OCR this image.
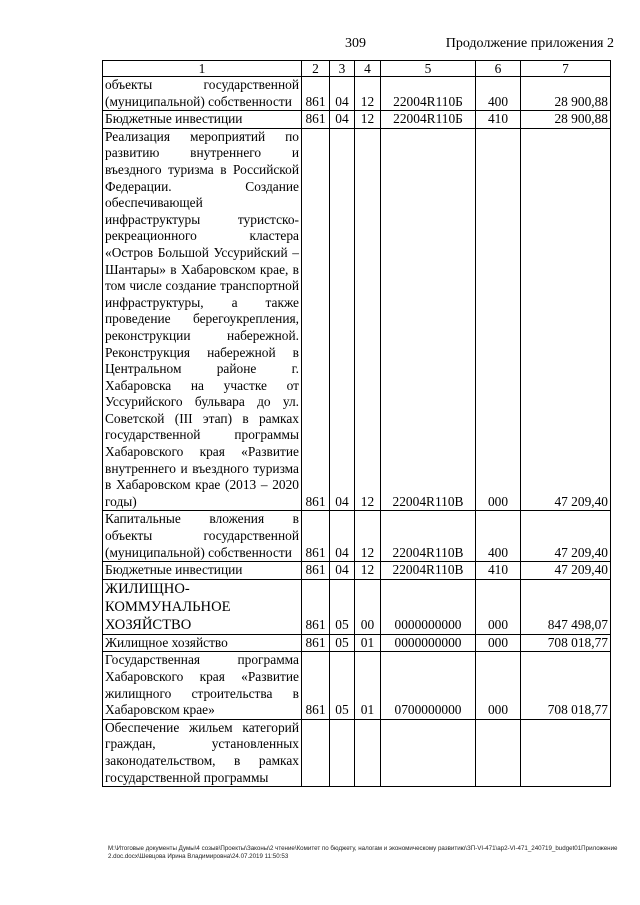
309	Продолжение приложения 2
1	2	3	4	5	6	7
объекты государственной (муниципальной) собственности	861	04	12	22004R110Б	400	28 900,88
Бюджетные инвестиции	861	04	12	22004R110Б	410	28 900,88
Реализация мероприятий по развитию внутреннего и въездного туризма в Российской Федерации. Создание обеспечивающей инфраструктуры туристско-рекреационного кластера «Остров Большой Уссурийский – Шантары» в Хабаровском крае, в том числе создание транспортной инфраструктуры, а также проведение берегоукрепления, реконструкции набережной. Реконструкция набережной в Центральном районе г. Хабаровска на участке от Уссурийского бульвара до ул. Советской (III этап) в рамках государственной программы Хабаровского края «Развитие внутреннего и въездного туризма в Хабаровском крае (2013 – 2020 годы)	861	04	12	22004R110В	000	47 209,40
Капитальные вложения в объекты государственной (муниципальной) собственности	861	04	12	22004R110В	400	47 209,40
Бюджетные инвестиции	861	04	12	22004R110В	410	47 209,40
ЖИЛИЩНО-КОММУНАЛЬНОЕ ХОЗЯЙСТВО	861	05	00	0000000000	000	847 498,07
Жилищное хозяйство	861	05	01	0000000000	000	708 018,77
Государственная программа Хабаровского края «Развитие жилищного строительства в Хабаровском крае»	861	05	01	0700000000	000	708 018,77
Обеспечение жильем категорий граждан, установленных законодательством, в рамках государственной программы						
М:\Итоговые документы Думы\4 созыв\Проекты\Законы\2 чтение\Комитет по бюджету, налогам и экономическому развитию\ЗП-VI-471\ар2-VI-471_240719_budget01Приложение 2.doc.docx\Шевцова Ирина Владимировна\24.07.2019 11:50:53
